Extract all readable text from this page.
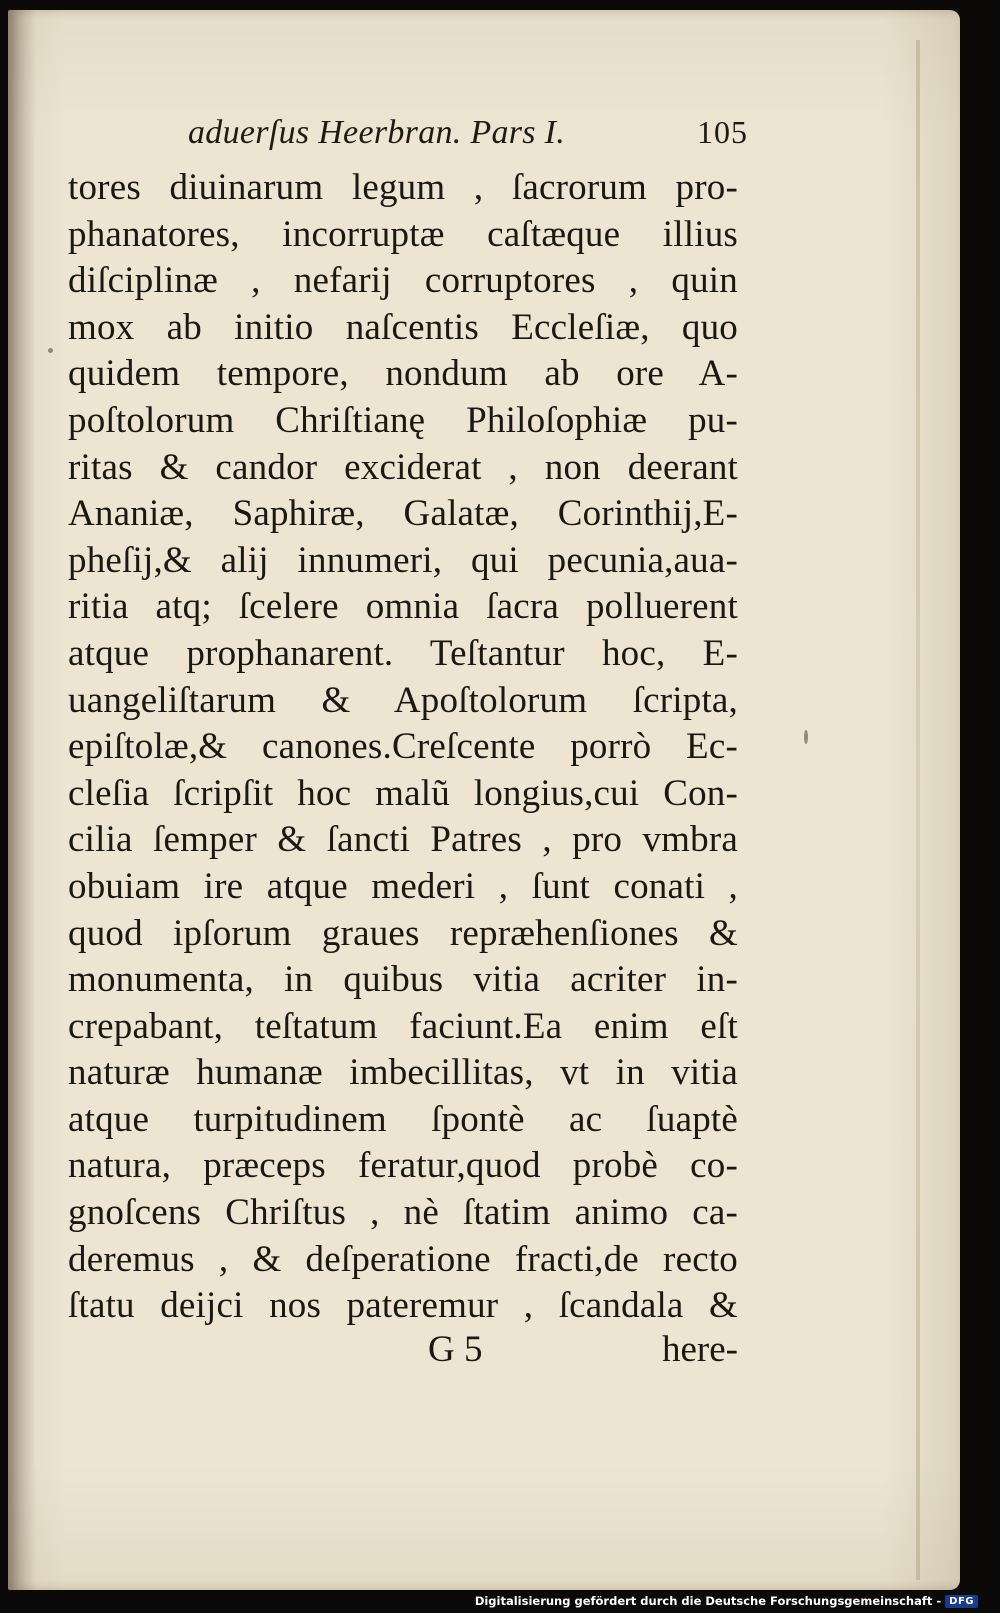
aduerſus Heerbran. Pars I.	105
tores diuinarum legum , ſacrorum pro-
phanatores, incorruptæ caſtæque illius
diſciplinæ , nefarij corruptores , quin
mox ab initio naſcentis Eccleſiæ, quo
quidem tempore, nondum ab ore A-
poſtolorum Chriſtianę Philoſophiæ pu-
ritas & candor exciderat , non deerant
Ananiæ, Saphiræ, Galatæ, Corinthij,E-
pheſij,& alij innumeri, qui pecunia,aua-
ritia atq; ſcelere omnia ſacra polluerent
atque prophanarent. Teſtantur hoc, E-
uangeliſtarum & Apoſtolorum ſcripta,
epiſtolæ,& canones.Creſcente porrò Ec-
cleſia ſcripſit hoc malũ longius,cui Con-
cilia ſemper & ſancti Patres , pro vmbra
obuiam ire atque mederi , ſunt conati ,
quod ipſorum graues repræhenſiones &
monumenta, in quibus vitia acriter in-
crepabant, teſtatum faciunt.Ea enim eſt
naturæ humanæ imbecillitas, vt in vitia
atque turpitudinem ſpontè ac ſuaptè
natura, præceps feratur,quod probè co-
gnoſcens Chriſtus , nè ſtatim animo ca-
deremus , & deſperatione fracti,de recto
ſtatu deijci nos pateremur , ſcandala &
G 5	here-
Digitalisierung gefördert durch die Deutsche Forschungsgemeinschaft - DFG
